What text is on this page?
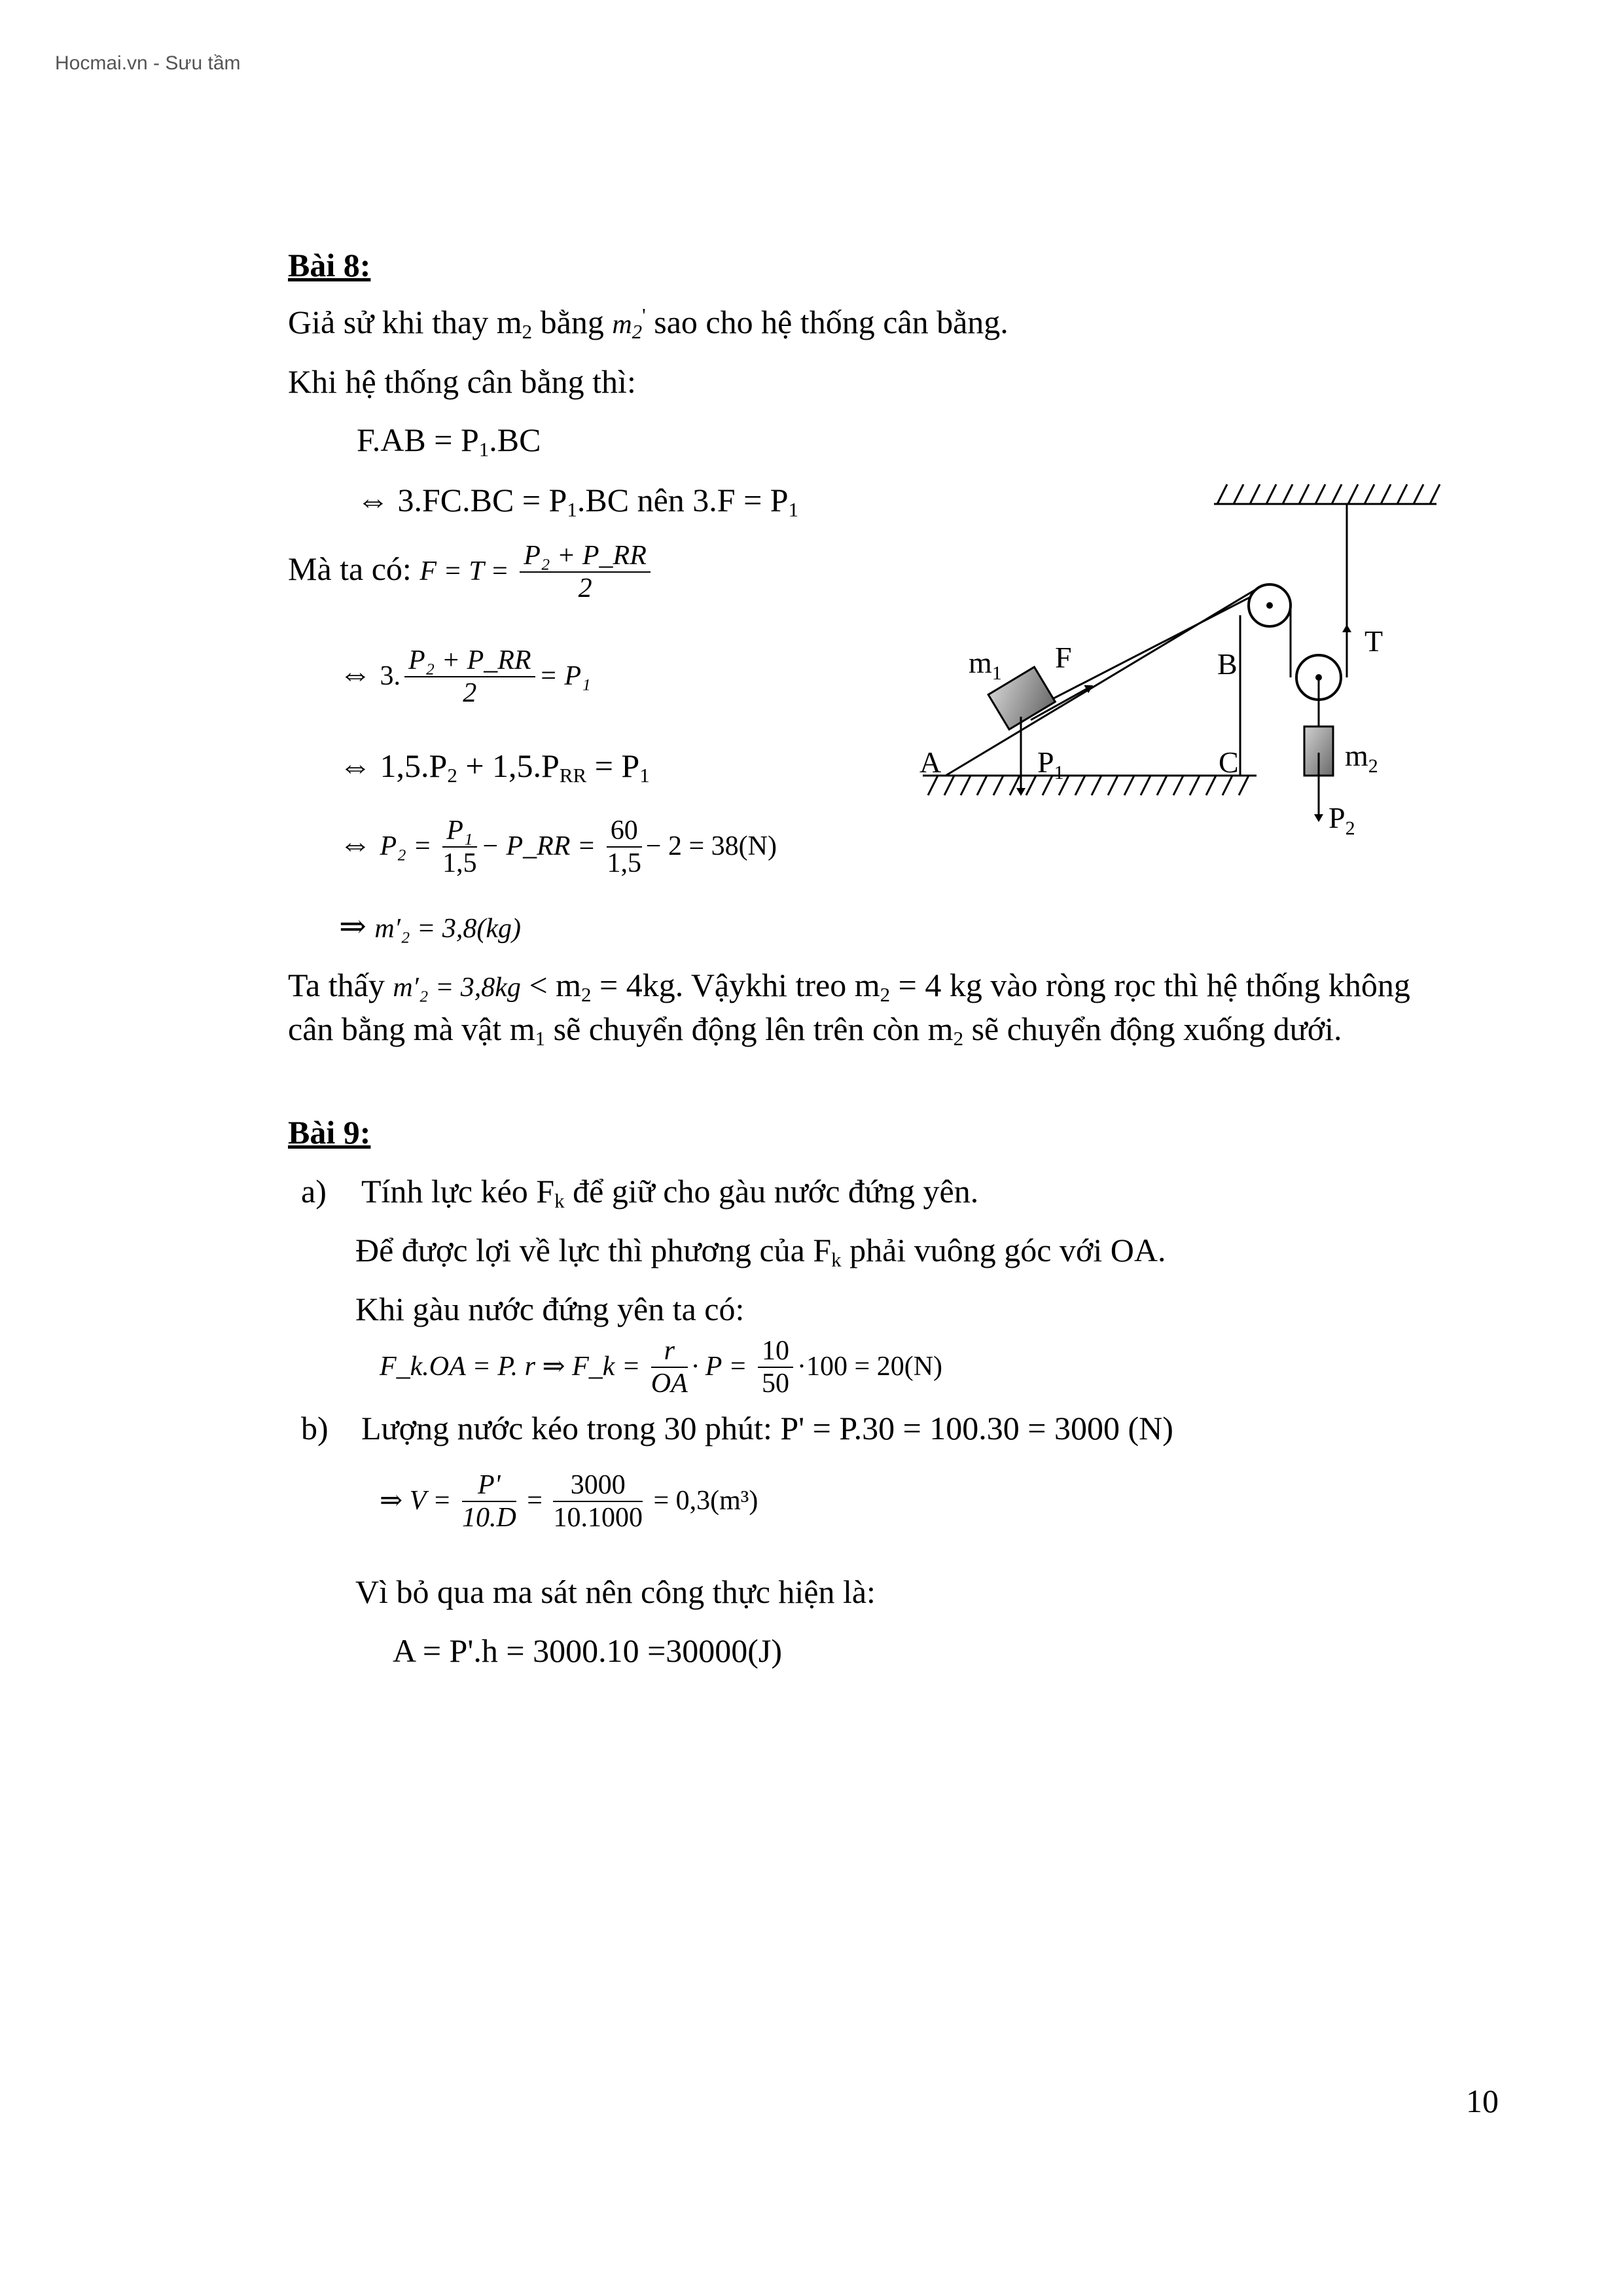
Hocmai.vn - Sưu tầm
Bài 8:
Giả sử khi thay $m_2$ bằng $m_2'$ sao cho hệ thống cân bằng.
Khi hệ thống cân bằng thì:
$F.AB = P_1.BC$
⇔ $3.FC.BC = P_1.BC$ nên $3.F = P_1$
Mà ta có: $F = T = \frac{\text{P₂ + P\_RR}}{2}$
⇔ 3. $\frac{\text{P₂ + P\_RR}}{2} = P_1$
⇔ $1,5.P_2 + 1,5.P_{RR} = P_1$
⇔ $P_2 = \frac{\text{P₁}}{1,5}$ − P_RR = $\frac{60}{1,5} - 2 = 38(N)$
⇒ m′₂ = 3,8(kg)
Ta thấy $m'_2 = 3,8kg < m_2 = 4kg$. Vậykhi treo $m_2 = 4$ kg vào ròng rọc thì hệ thống không
cân bằng mà vật $m_1$ sẽ chuyển động lên trên còn $m_2$ sẽ chuyển động xuống dưới.
A
B
C
$m_1$ F
$P_1$
T
$m_2$
$P_2$
Bài 9:
a) Tính lực kéo $F_k$ để giữ cho gàu nước đứng yên.
Để được lợi về lực thì phương của $F_k$ phải vuông góc với OA.
Khi gàu nước đứng yên ta có:
F_k.OA = P. r ⇒ F_k = $\frac{r}{OA} \cdot P = \frac{10}{50} \cdot 100 = 20(N)$
b) Lượng nước kéo trong 30 phút: P' = P.30 = 100.30 = 3000 (N)
⇒ $V = \frac{P'}{10.D} = \frac{3000}{10.1000} = 0,3(m^3)$
Vì bỏ qua ma sát nên công thực hiện là:
A = P'.h = 3000.10 =30000(J)
10
